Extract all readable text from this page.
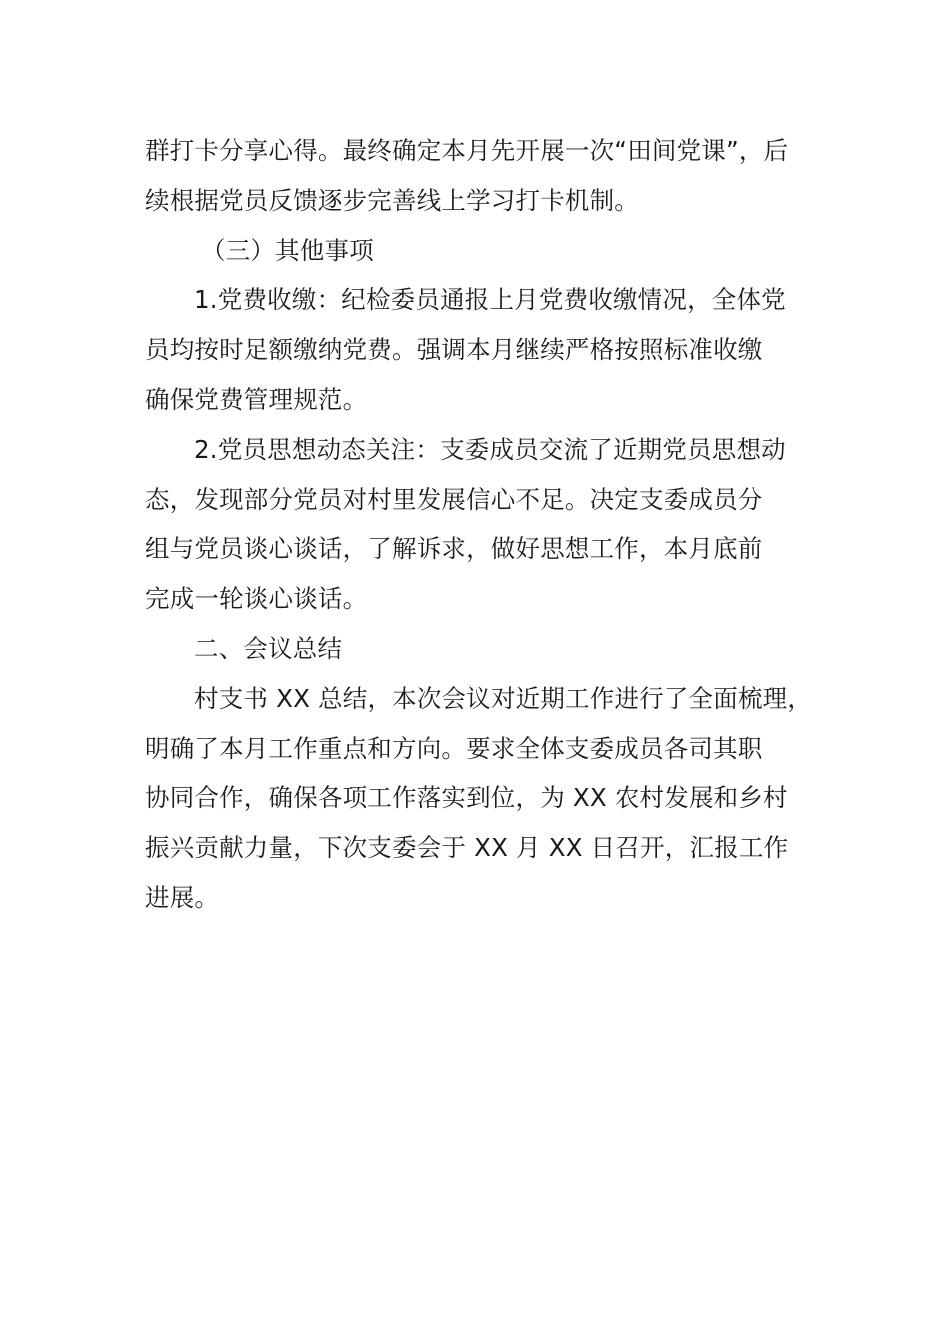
群打卡分享心得。最终确定本月先开展一次“田间党课”，后
续根据党员反馈逐步完善线上学习打卡机制。
（三）其他事项
1.党费收缴：纪检委员通报上月党费收缴情况，全体党
员均按时足额缴纳党费。强调本月继续严格按照标准收缴
确保党费管理规范。
2.党员思想动态关注：支委成员交流了近期党员思想动
态，发现部分党员对村里发展信心不足。决定支委成员分
组与党员谈心谈话，了解诉求，做好思想工作，本月底前
完成一轮谈心谈话。
二、会议总结
村支书 XX 总结，本次会议对近期工作进行了全面梳理，
明确了本月工作重点和方向。要求全体支委成员各司其职
协同合作，确保各项工作落实到位，为 XX 农村发展和乡村
振兴贡献力量，下次支委会于 XX 月 XX 日召开，汇报工作
进展。
